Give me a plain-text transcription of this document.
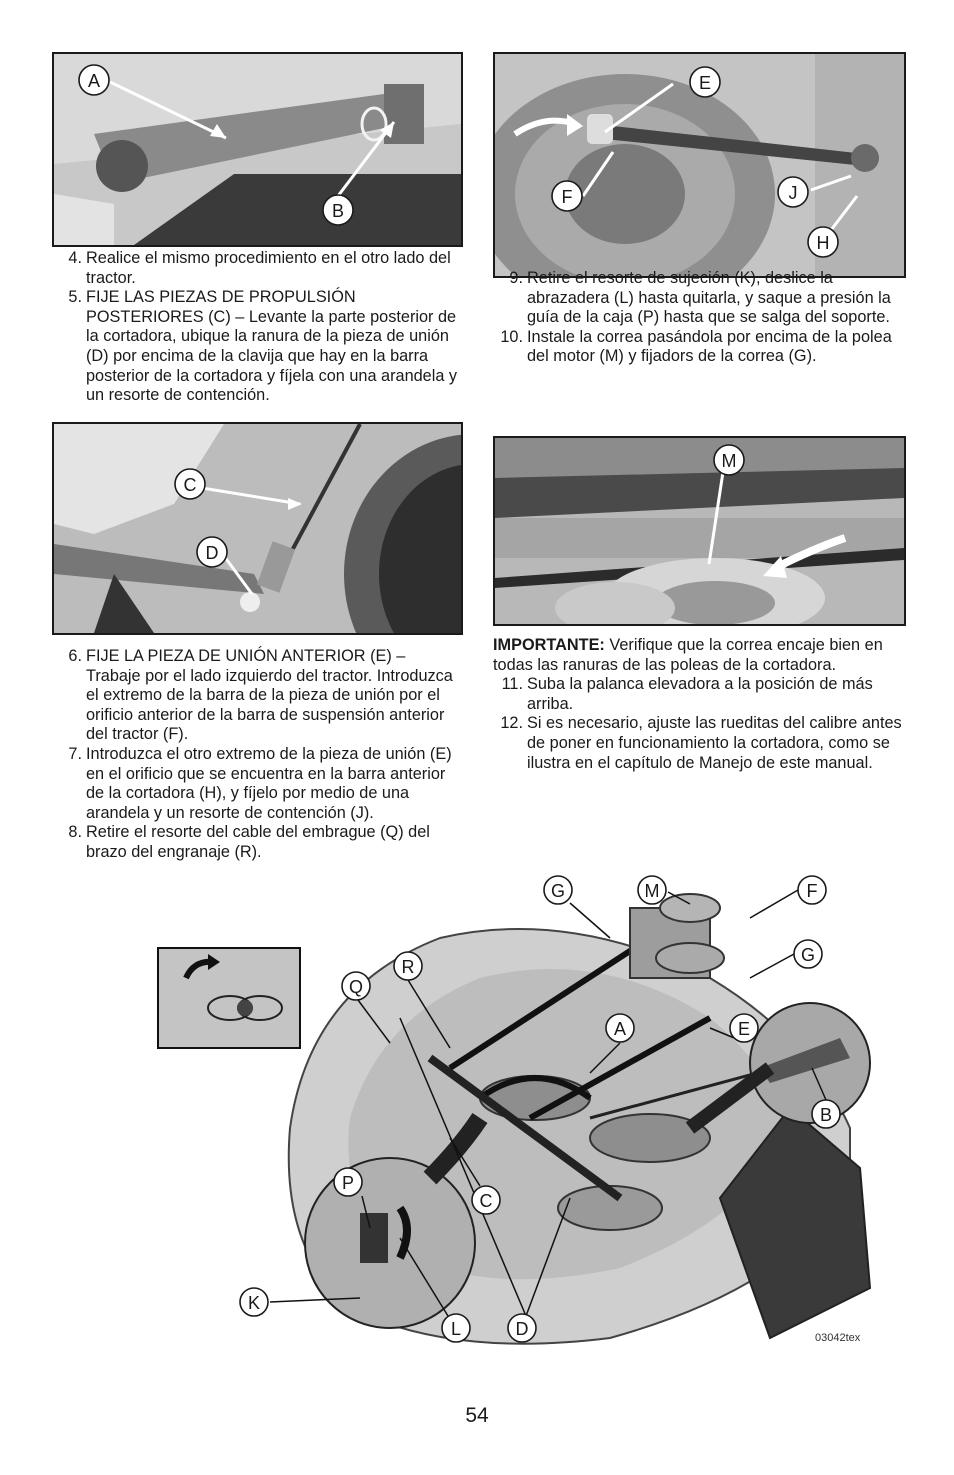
A
B
E
F	J
H
4. Realice el mismo procedimiento en el otro lado del tractor.
5. FIJE LAS PIEZAS DE PROPULSIÓN POSTERIORES (C) – Levante la parte posterior de la cortadora, ubique la ranura de la pieza de unión (D) por encima de la clavija que hay en la barra posterior de la cortadora y fíjela con una arandela y un resorte de contención.
C
D
9. Retire el resorte de sujeción (K), deslice la abrazadera (L) hasta quitarla, y saque a presión la guía de la caja (P) hasta que se salga del soporte.
10. Instale la correa pasándola por encima de la polea del motor (M) y fijadors de la correa (G).
M
IMPORTANTE: Verifique que la correa encaje bien en todas las ranuras de las poleas de la cortadora.
11. Suba la palanca elevadora a la posición de más arriba.
12. Si es necesario, ajuste las rueditas del calibre antes de poner en funcionamiento la cortadora, como se ilustra en el capítulo de Manejo de este manual.
6. FIJE LA PIEZA DE UNIÓN ANTERIOR (E) – Trabaje por el lado izquierdo del tractor. Introduzca el extremo de la barra de la pieza de unión por el orificio anterior de la barra de suspensión anterior del tractor (F).
7. Introduzca el otro extremo de la pieza de unión (E) en el orificio que se encuentra en la barra anterior de la cortadora (H), y fíjelo por medio de una arandela y un resorte de contención (J).
8. Retire el resorte del cable del embrague (Q) del brazo del engranaje (R).
G	M	F
G
R
Q
A	E
B
P
C
K
L	D	03042tex
54
